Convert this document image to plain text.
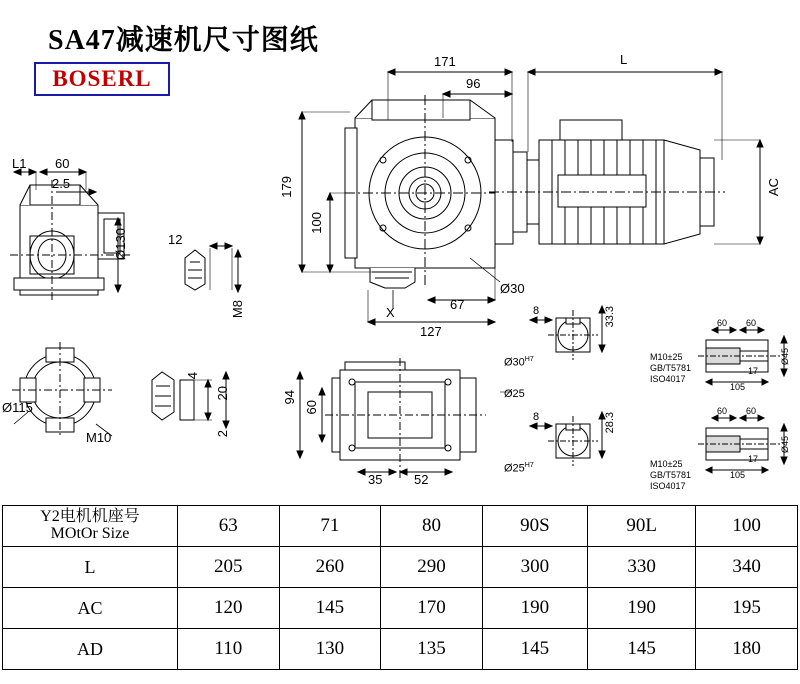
SA47减速机尺寸图纸
BOSERL
171
96
L
179
100
AC
X
67
127
Ø30
L1 60
2.5
Ø130	12
M8
Ø115
M10
4
20
2
94
60
35 52
8	33.3
$Ø30^{H7}$
Ø25
8	28.3
$Ø25^{H7}$
60 60
17
105
Ø45
M10±25
GB/T5781
ISO4017
60 60
17
105
Ø45
M10±25
GB/T5781
ISO4017
Y2电机机座号
MOtOr Size	63	71	80	90S	90L	100
L	205	260	290	300	330	340
AC	120	145	170	190	190	195
AD	110	130	135	145	145	180
